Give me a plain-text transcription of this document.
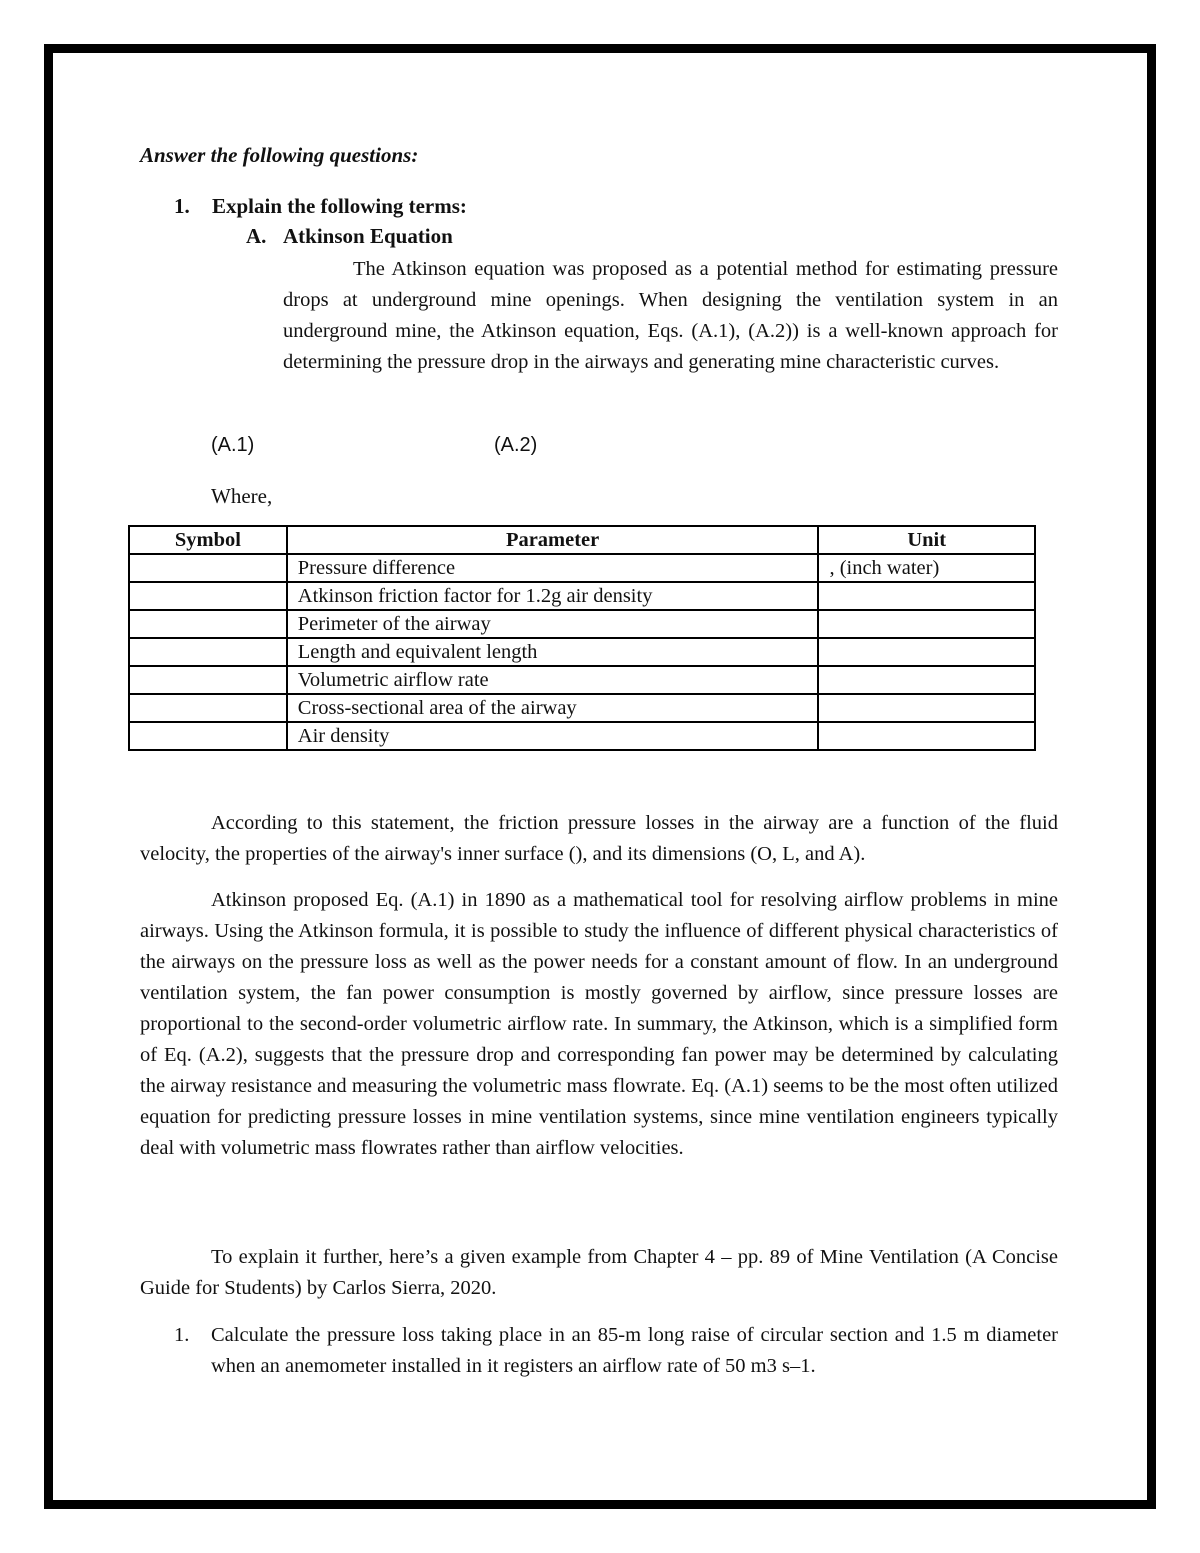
Answer the following questions:
1. Explain the following terms:
A. Atkinson Equation
The Atkinson equation was proposed as a potential method for estimating pressure drops at underground mine openings. When designing the ventilation system in an underground mine, the Atkinson equation, Eqs. (A.1), (A.2)) is a well-known approach for determining the pressure drop in the airways and generating mine characteristic curves.
(A.1)	(A.2)
Where,
Symbol	Parameter	Unit
	Pressure difference	, (inch water)
	Atkinson friction factor for 1.2g air density	
	Perimeter of the airway	
	Length and equivalent length	
	Volumetric airflow rate	
	Cross-sectional area of the airway	
	Air density	
According to this statement, the friction pressure losses in the airway are a function of the fluid velocity, the properties of the airway's inner surface (), and its dimensions (O, L, and A).
Atkinson proposed Eq. (A.1) in 1890 as a mathematical tool for resolving airflow problems in mine airways. Using the Atkinson formula, it is possible to study the influence of different physical characteristics of the airways on the pressure loss as well as the power needs for a constant amount of flow. In an underground ventilation system, the fan power consumption is mostly governed by airflow, since pressure losses are proportional to the second-order volumetric airflow rate. In summary, the Atkinson, which is a simplified form of Eq. (A.2), suggests that the pressure drop and corresponding fan power may be determined by calculating the airway resistance and measuring the volumetric mass flowrate. Eq. (A.1) seems to be the most often utilized equation for predicting pressure losses in mine ventilation systems, since mine ventilation engineers typically deal with volumetric mass flowrates rather than airflow velocities.
To explain it further, here’s a given example from Chapter 4 – pp. 89 of Mine Ventilation (A Concise Guide for Students) by Carlos Sierra, 2020.
1. Calculate the pressure loss taking place in an 85-m long raise of circular section and 1.5 m diameter when an anemometer installed in it registers an airflow rate of 50 m3 s–1.
